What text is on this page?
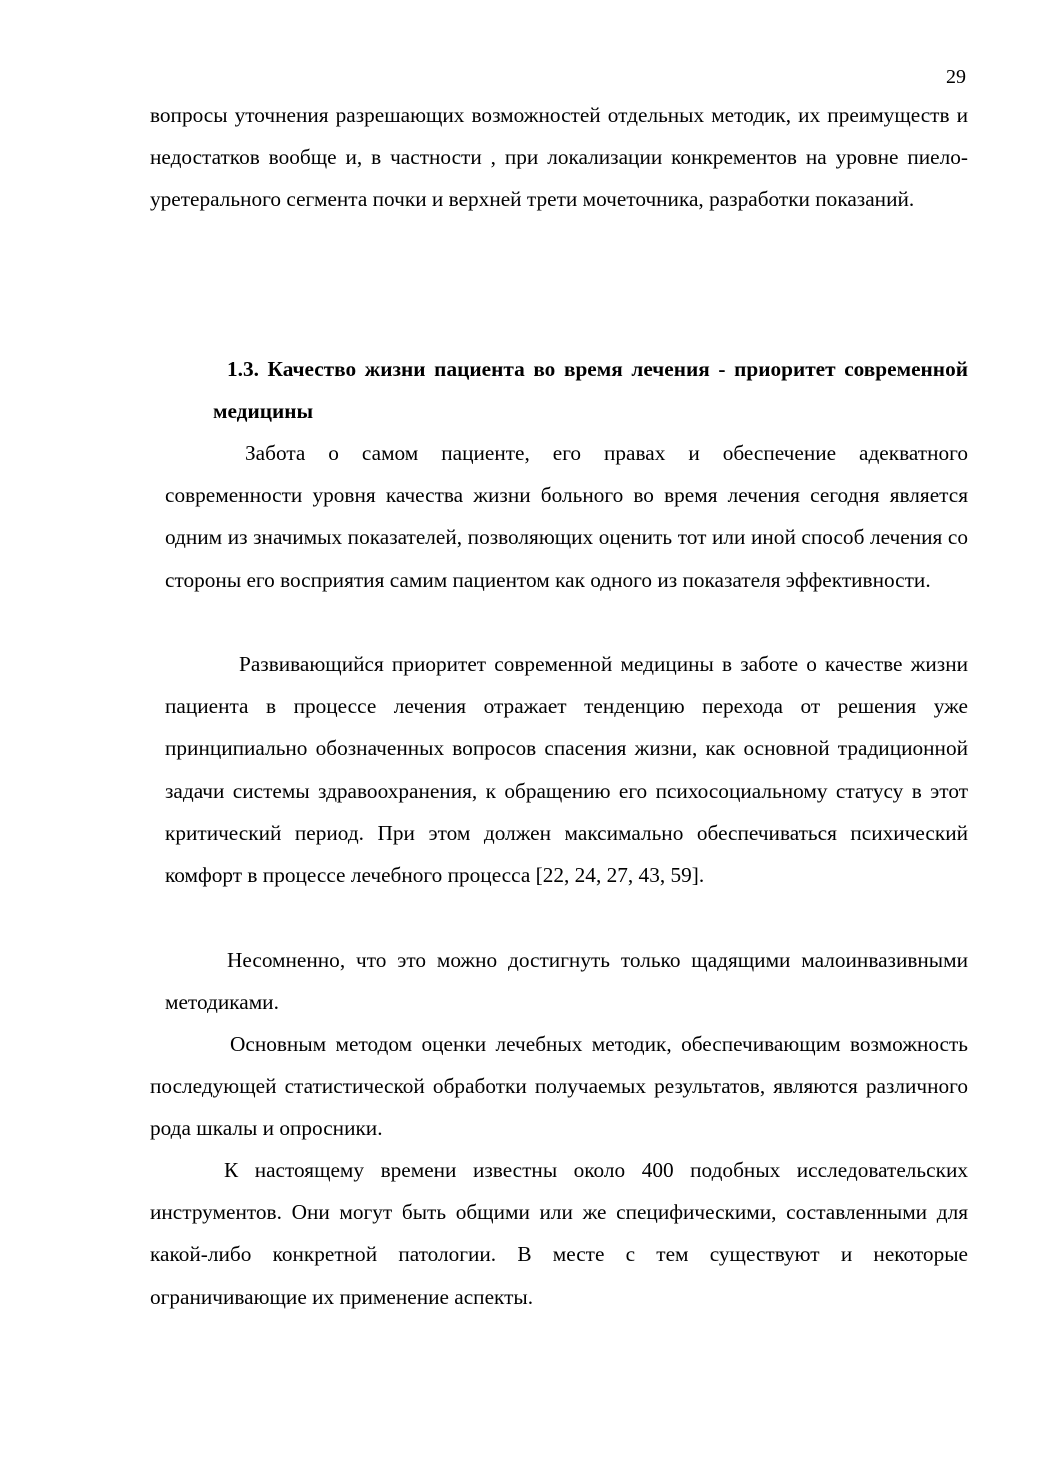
29

вопросы уточнения разрешающих возможностей отдельных методик, их преимуществ и недостатков вообще и, в частности , при локализации конкрементов на уровне пиело-уретерального сегмента почки и верхней трети мочеточника, разработки показаний.

1.3. Качество жизни пациента во время лечения - приоритет современной медицины

Забота о самом пациенте, его правах и обеспечение адекватного современности уровня качества жизни больного во время лечения сегодня является одним из значимых показателей, позволяющих оценить тот или иной способ лечения со стороны его восприятия самим пациентом как одного из показателя эффективности.

Развивающийся приоритет современной медицины в заботе о качестве жизни пациента в процессе лечения отражает тенденцию перехода от решения уже принципиально обозначенных вопросов спасения жизни, как основной традиционной задачи системы здравоохранения, к обращению его психосоциальному статусу в этот критический период. При этом должен максимально обеспечиваться психический комфорт в процессе лечебного процесса [22, 24, 27, 43, 59].

Несомненно, что это можно достигнуть только щадящими малоинвазивными методиками.

Основным методом оценки лечебных методик, обеспечивающим возможность последующей статистической обработки получаемых результатов, являются различного рода шкалы и опросники.

К настоящему времени известны около 400 подобных исследовательских инструментов. Они могут быть общими или же специфическими, составленными для какой-либо конкретной патологии. В месте с тем существуют и некоторые ограничивающие их применение аспекты.
